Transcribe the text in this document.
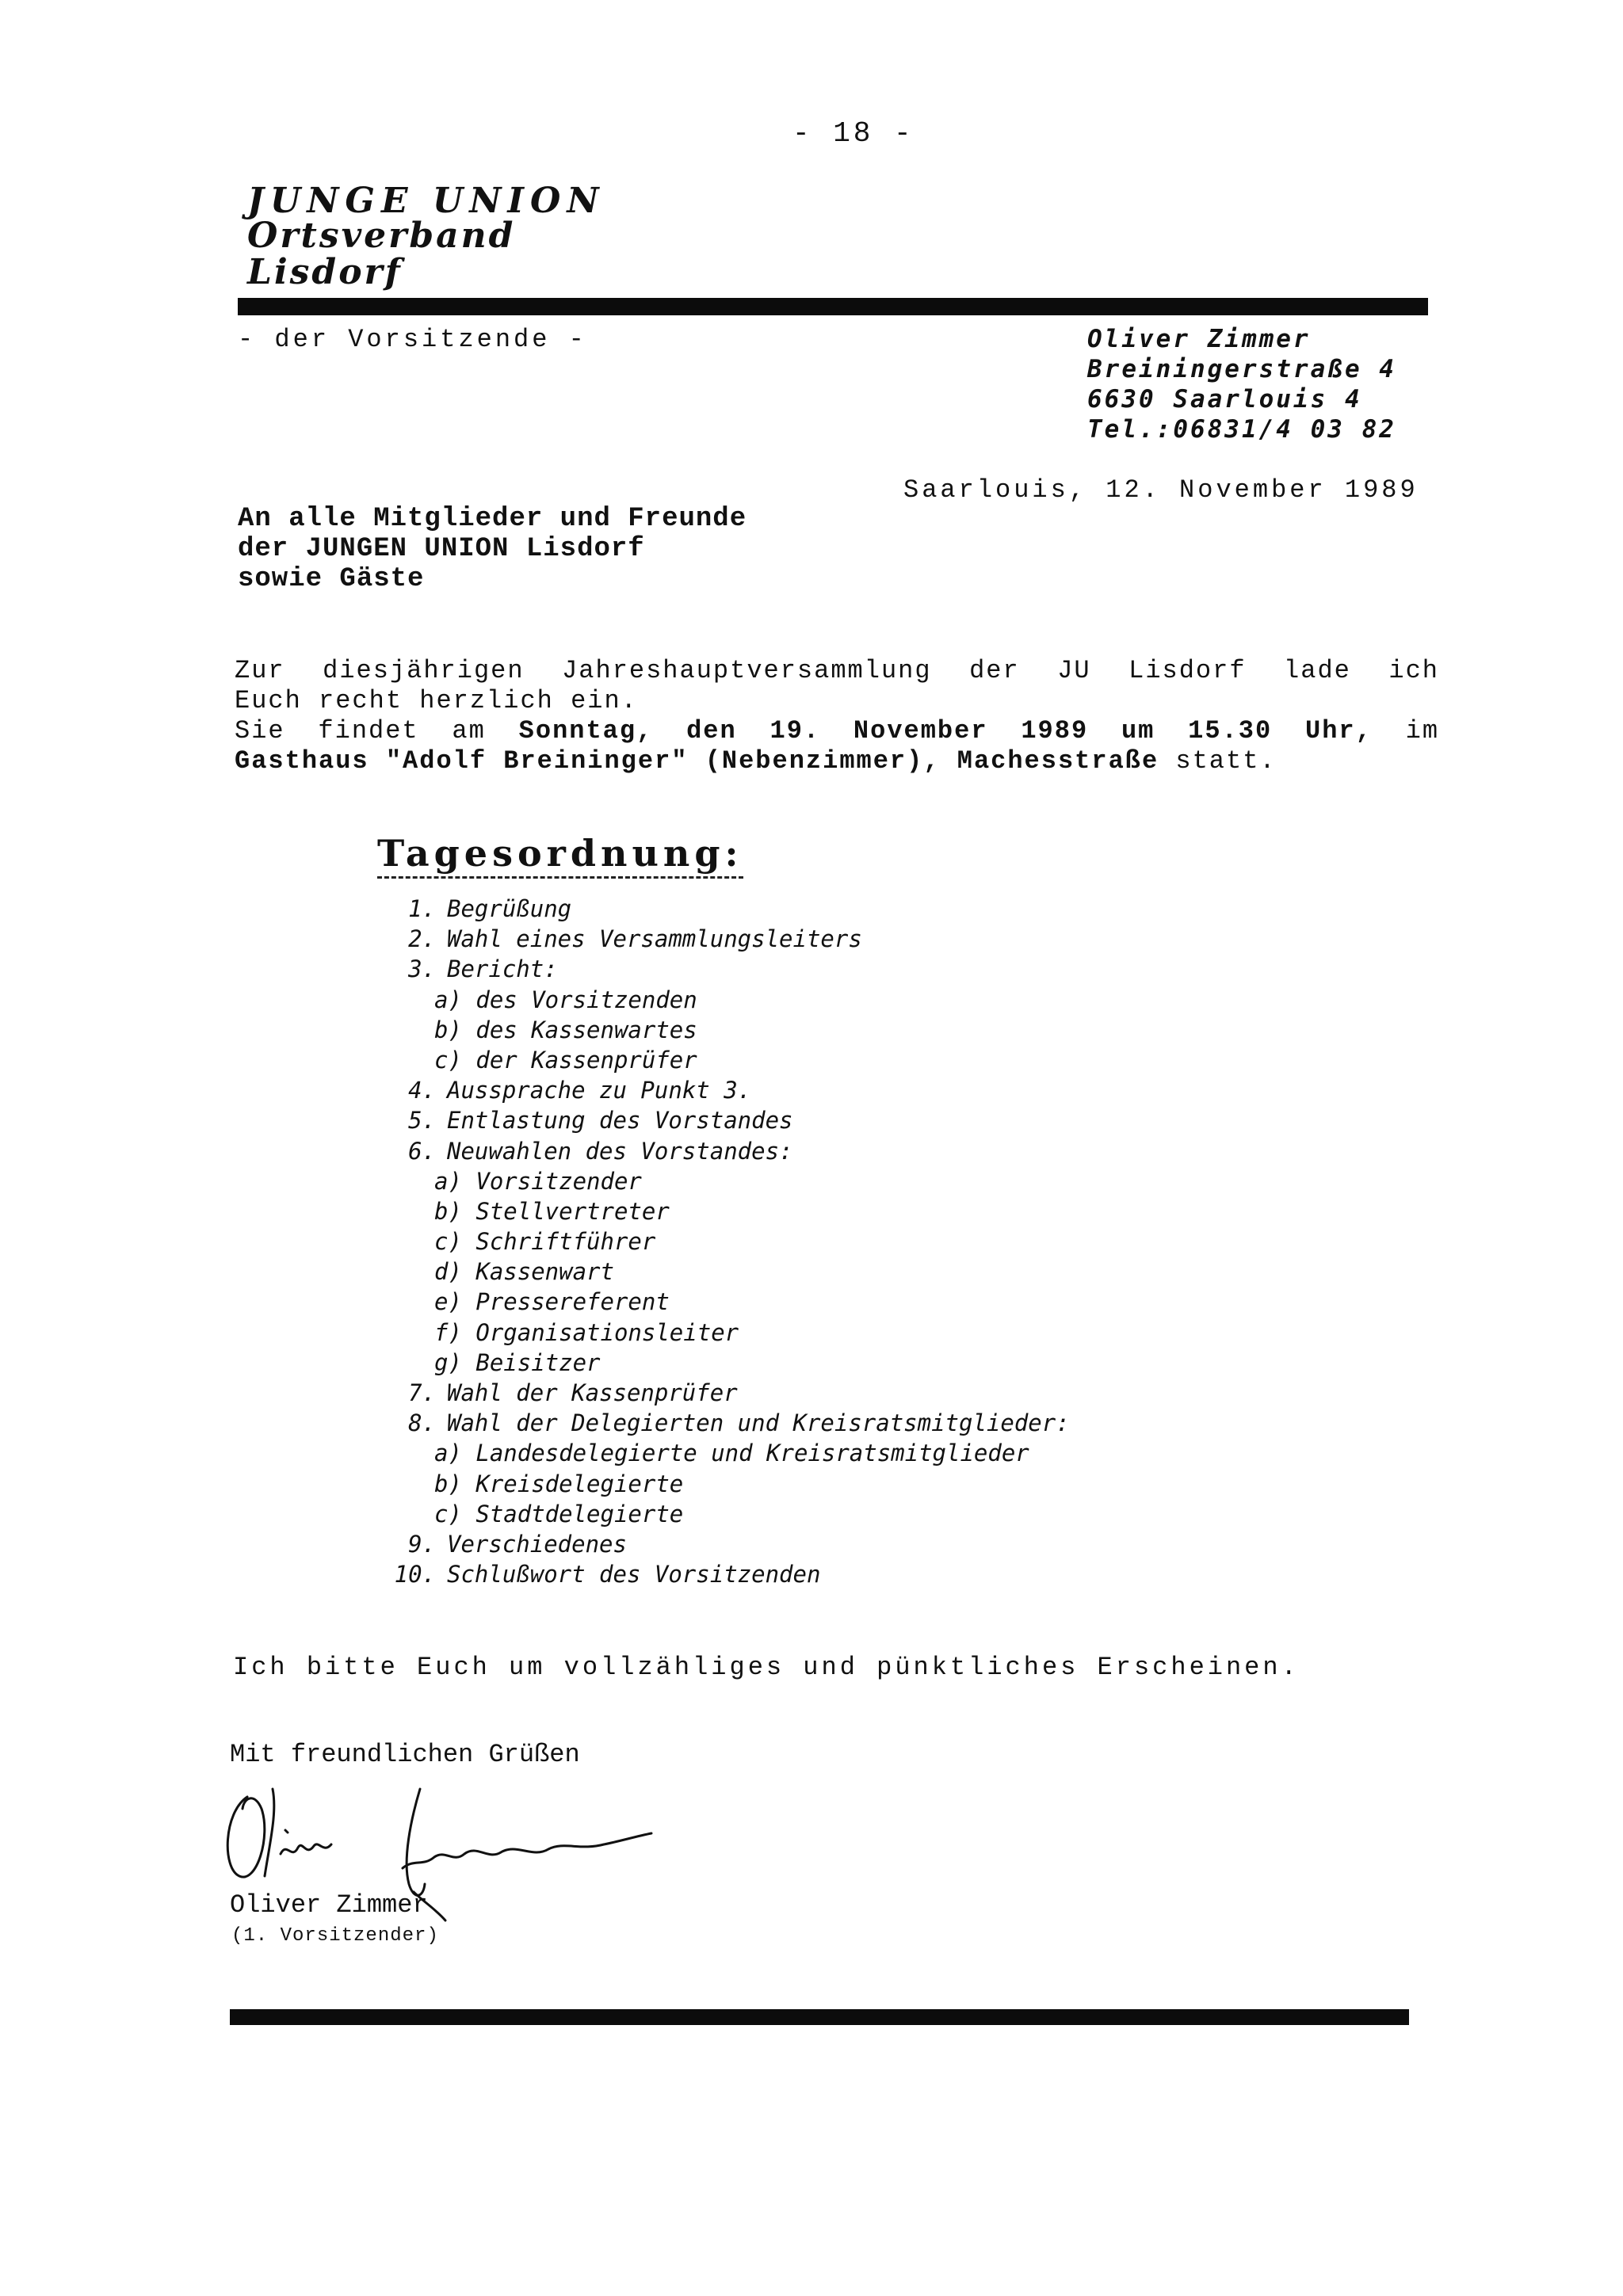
- 18 -
JUNGE UNION
Ortsverband
Lisdorf
- der Vorsitzende -	Oliver Zimmer
Breiningerstraße 4
6630 Saarlouis 4
Tel.:06831/4 03 82
Saarlouis, 12. November 1989
An alle Mitglieder und Freunde
der JUNGEN UNION Lisdorf
sowie Gäste
Zur diesjährigen Jahreshauptversammlung der JU Lisdorf lade ich
Euch recht herzlich ein.
Sie findet am Sonntag, den 19. November 1989 um 15.30 Uhr, im
Gasthaus "Adolf Breininger" (Nebenzimmer), Machesstraße statt.
Tagesordnung:
1. Begrüßung
2. Wahl eines Versammlungsleiters
3. Bericht:
a) des Vorsitzenden
b) des Kassenwartes
c) der Kassenprüfer
4. Aussprache zu Punkt 3.
5. Entlastung des Vorstandes
6. Neuwahlen des Vorstandes:
a) Vorsitzender
b) Stellvertreter
c) Schriftführer
d) Kassenwart
e) Pressereferent
f) Organisationsleiter
g) Beisitzer
7. Wahl der Kassenprüfer
8. Wahl der Delegierten und Kreisratsmitglieder:
a) Landesdelegierte und Kreisratsmitglieder
b) Kreisdelegierte
c) Stadtdelegierte
9. Verschiedenes
10. Schlußwort des Vorsitzenden
Ich bitte Euch um vollzähliges und pünktliches Erscheinen.
Mit freundlichen Grüßen
Oliver Zimmer
(1. Vorsitzender)
